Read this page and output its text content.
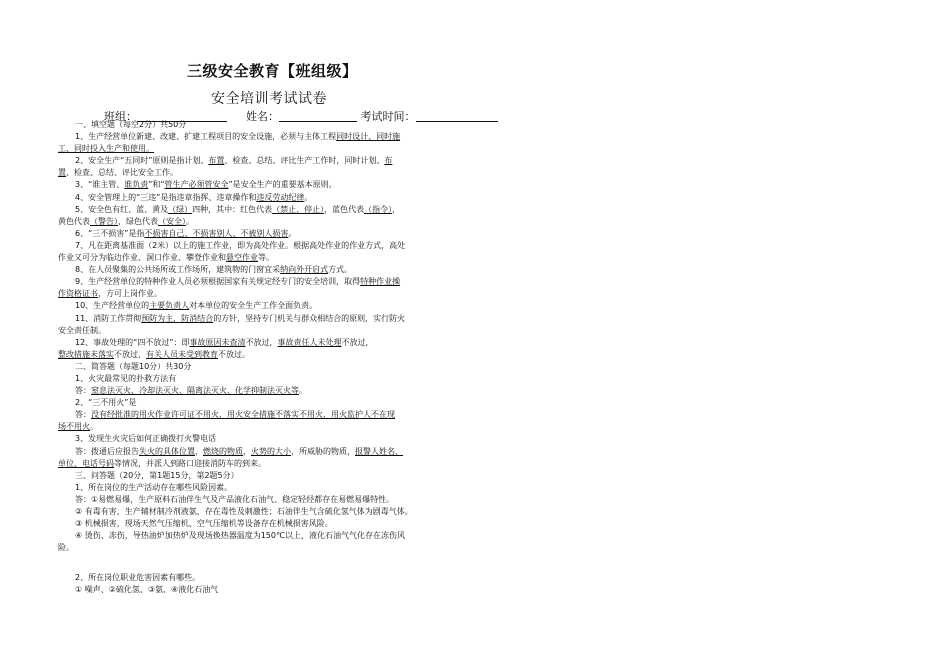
三级安全教育【班组级】
安全培训考试试卷
班组：	姓名：	考试时间：

一、填空题（每空2分）共50分

1、生产经营单位新建、改建、扩建工程项目的安全设施，必须与主体工程同时设计、同时施

工、同时投入生产和使用。

2、安全生产“五同时”原则是指计划、布置、检查、总结、评比生产工作时，同时计划、布

置、检查、总结、评比安全工作。

3、“谁主管、谁负责”和“管生产必须管安全”是安全生产的重要基本原则。

4、安全管理上的“三违”是指违章指挥、违章操作和违反劳动纪律。

5、安全色有红、蓝、黄及（绿）四种，其中：红色代表（禁止、停止），蓝色代表（指令），

黄色代表（警告），绿色代表（安全）。

6、“三不损害”是指不损害自己、不损害别人、不被别人损害。

7、凡在距离基准面（2米）以上的施工作业，即为高处作业。根据高处作业的作业方式，高处

作业又可分为临边作业、洞口作业、攀登作业和悬空作业等。

8、在人员聚集的公共场所或工作场所，建筑物的门窗宜采纳向外开启式方式。

9、生产经营单位的特种作业人员必须根据国家有关规定经专门的安全培训，取得特种作业操

作资格证书，方可上岗作业。

10、生产经营单位的主要负责人对本单位的安全生产工作全面负责。

11、消防工作贯彻预防为主，防消结合的方针，坚持专门机关与群众相结合的原则，实行防火

安全责任制。

12、事故处理的“四不放过”：即事故原因未查清不放过，事故责任人未处理不放过，

整改措施未落实不放过，有关人员未受到教育不放过。

二、简答题（每题10分）共30分

1、火灾最常见的扑救方法有

答：窒息法灭火、冷却法灭火、隔离法灭火、化学抑制法灭火等。

2、“三不用火”是

答：没有经批准的用火作业许可证不用火，用火安全措施不落实不用火，用火监护人不在现

场不用火。

3、发现生火灾后如何正确拨打火警电话

答：拨通后应报告失火的具体位置，燃烧的物质，火势的大小，所威胁的物质，报警人姓名、

单位、电话号码等情况，并派人到路口迎接消防车的到来。

三、问答题（20分，第1题15分，第2题5分）

1、所在岗位的生产活动存在哪些风险因素。

答：①易燃易爆，生产原料石油伴生气及产品液化石油气、稳定轻烃都存在易燃易爆特性。

② 有毒有害，生产辅材制冷剂液氨，存在毒性及刺激性；石油伴生气含硫化氢气体为剧毒气体。

③ 机械损害，现场天然气压缩机、空气压缩机等设备存在机械损害风险。

④ 烫伤、冻伤，导热油炉加热炉及现场换热器温度为150℃以上，液化石油气气化存在冻伤风

险。

2、所在岗位职业危害因素有哪些。

① 噪声、②硫化氢、③氨、④液化石油气
